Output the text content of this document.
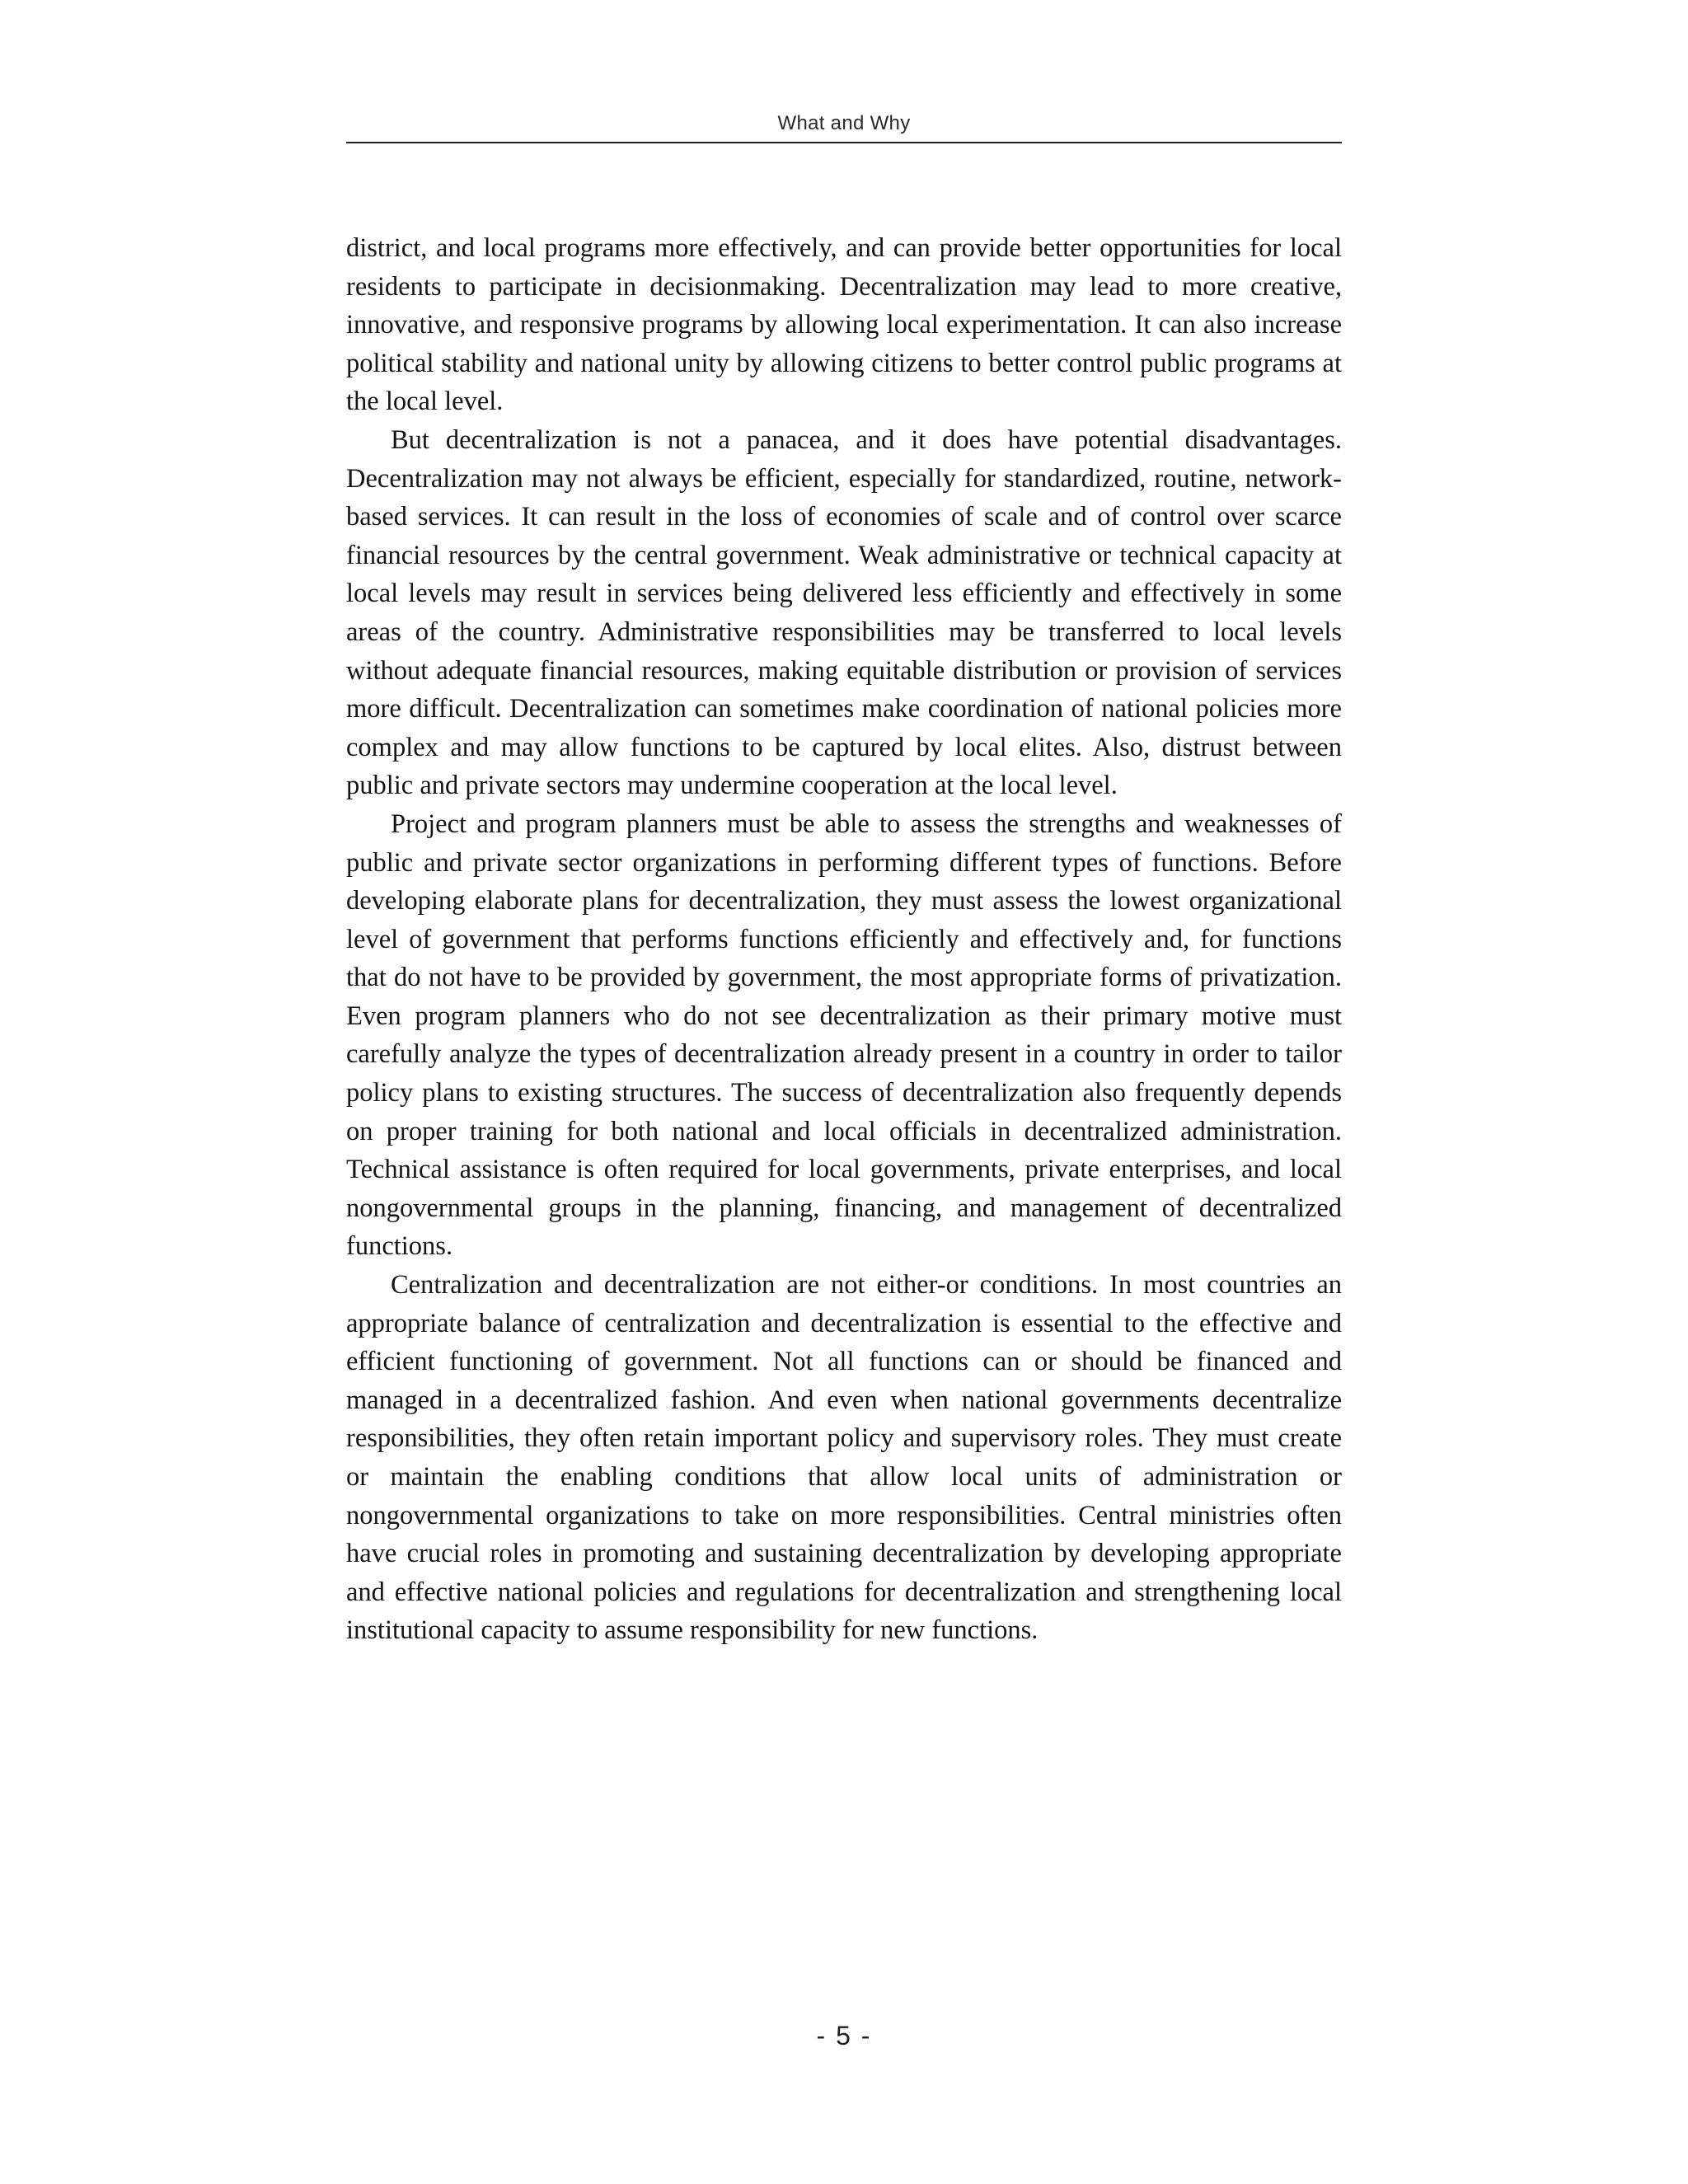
What and Why

district, and local programs more effectively, and can provide better opportunities for local residents to participate in decisionmaking. Decentralization may lead to more creative, innovative, and responsive programs by allowing local experimentation. It can also increase political stability and national unity by allowing citizens to better control public programs at the local level.

But decentralization is not a panacea, and it does have potential disadvantages. Decentralization may not always be efficient, especially for standardized, routine, network-based services. It can result in the loss of economies of scale and of control over scarce financial resources by the central government. Weak administrative or technical capacity at local levels may result in services being delivered less efficiently and effectively in some areas of the country. Administrative responsibilities may be transferred to local levels without adequate financial resources, making equitable distribution or provision of services more difficult. Decentralization can sometimes make coordination of national policies more complex and may allow functions to be captured by local elites. Also, distrust between public and private sectors may undermine cooperation at the local level.

Project and program planners must be able to assess the strengths and weaknesses of public and private sector organizations in performing different types of functions. Before developing elaborate plans for decentralization, they must assess the lowest organizational level of government that performs functions efficiently and effectively and, for functions that do not have to be provided by government, the most appropriate forms of privatization. Even program planners who do not see decentralization as their primary motive must carefully analyze the types of decentralization already present in a country in order to tailor policy plans to existing structures. The success of decentralization also frequently depends on proper training for both national and local officials in decentralized administration. Technical assistance is often required for local governments, private enterprises, and local nongovernmental groups in the planning, financing, and management of decentralized functions.

Centralization and decentralization are not either-or conditions. In most countries an appropriate balance of centralization and decentralization is essential to the effective and efficient functioning of government. Not all functions can or should be financed and managed in a decentralized fashion. And even when national governments decentralize responsibilities, they often retain important policy and supervisory roles. They must create or maintain the enabling conditions that allow local units of administration or nongovernmental organizations to take on more responsibilities. Central ministries often have crucial roles in promoting and sustaining decentralization by developing appropriate and effective national policies and regulations for decentralization and strengthening local institutional capacity to assume responsibility for new functions.

- 5 -
